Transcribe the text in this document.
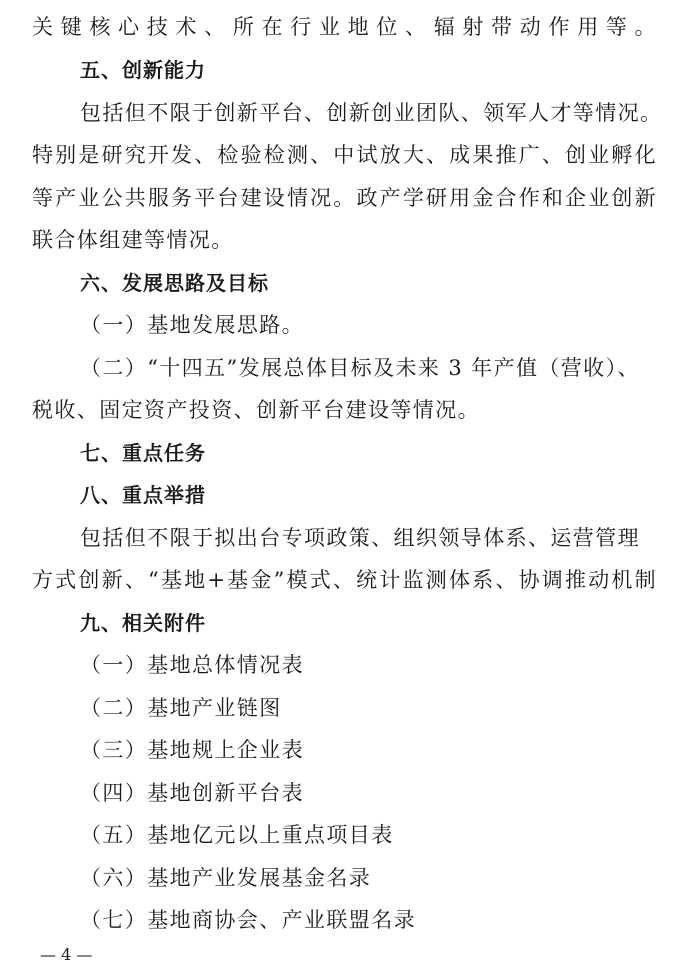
关键核心技术、所在行业地位、辐射带动作用等。
五、创新能力
包括但不限于创新平台、创新创业团队、领军人才等情况。
特别是研究开发、检验检测、中试放大、成果推广、创业孵化
等产业公共服务平台建设情况。政产学研用金合作和企业创新
联合体组建等情况。
六、发展思路及目标
（一）基地发展思路。
（二）“十四五”发展总体目标及未来 3 年产值（营收）、
税收、固定资产投资、创新平台建设等情况。
七、重点任务
八、重点举措
包括但不限于拟出台专项政策、组织领导体系、运营管理
方式创新、“基地+基金”模式、统计监测体系、协调推动机制
九、相关附件
（一）基地总体情况表
（二）基地产业链图
（三）基地规上企业表
（四）基地创新平台表
（五）基地亿元以上重点项目表
（六）基地产业发展基金名录
（七）基地商协会、产业联盟名录
— 4 —
